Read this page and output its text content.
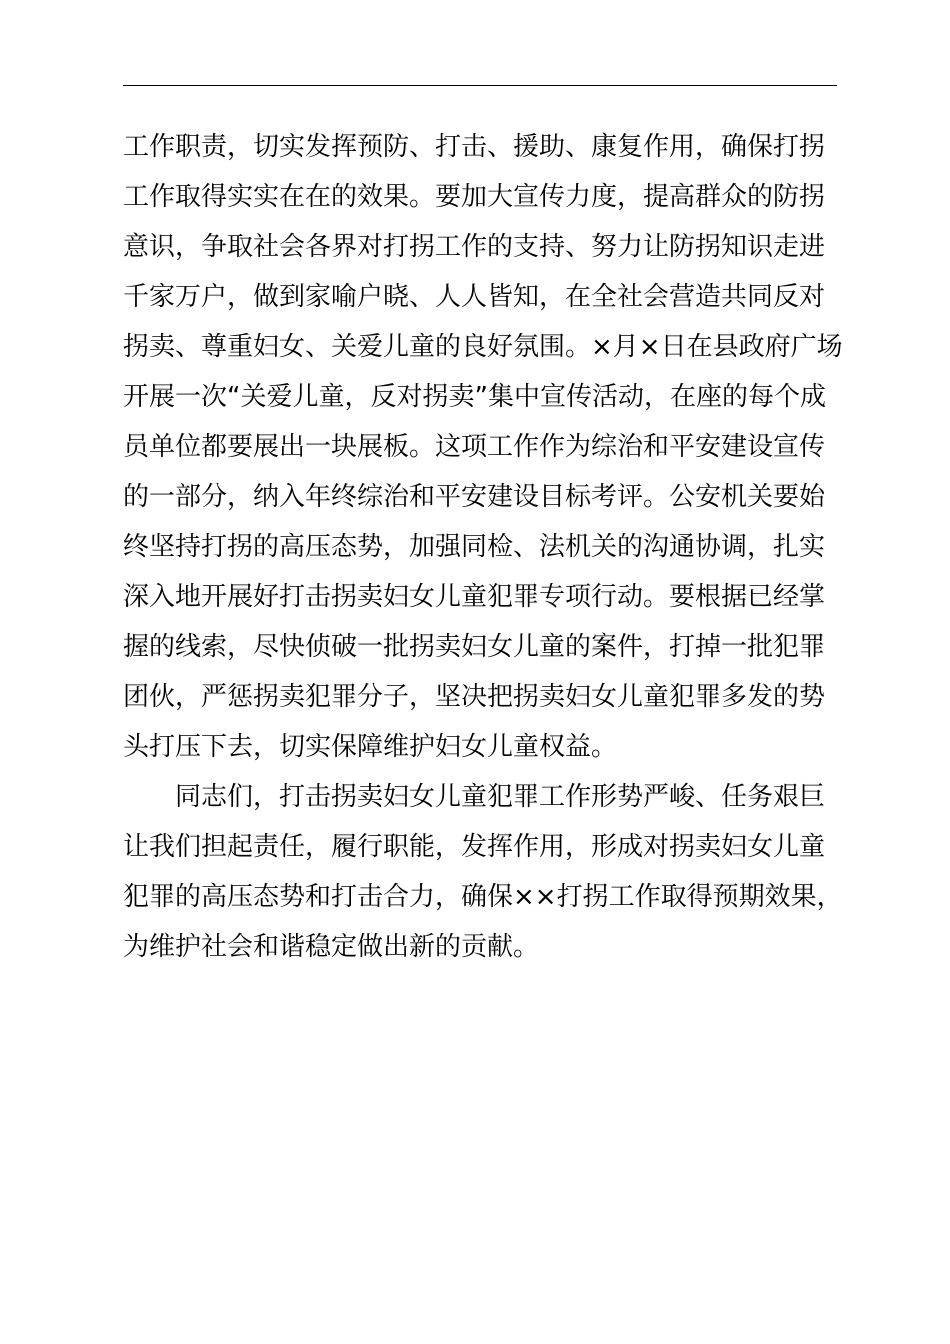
工作职责，切实发挥预防、打击、援助、康复作用，确保打拐
工作取得实实在在的效果。要加大宣传力度，提高群众的防拐
意识，争取社会各界对打拐工作的支持、努力让防拐知识走进
千家万户，做到家喻户晓、人人皆知，在全社会营造共同反对
拐卖、尊重妇女、关爱儿童的良好氛围。×月×日在县政府广场
开展一次“关爱儿童，反对拐卖”集中宣传活动，在座的每个成
员单位都要展出一块展板。这项工作作为综治和平安建设宣传
的一部分，纳入年终综治和平安建设目标考评。公安机关要始
终坚持打拐的高压态势，加强同检、法机关的沟通协调，扎实
深入地开展好打击拐卖妇女儿童犯罪专项行动。要根据已经掌
握的线索，尽快侦破一批拐卖妇女儿童的案件，打掉一批犯罪
团伙，严惩拐卖犯罪分子，坚决把拐卖妇女儿童犯罪多发的势
头打压下去，切实保障维护妇女儿童权益。
同志们，打击拐卖妇女儿童犯罪工作形势严峻、任务艰巨
让我们担起责任，履行职能，发挥作用，形成对拐卖妇女儿童
犯罪的高压态势和打击合力，确保××打拐工作取得预期效果，
为维护社会和谐稳定做出新的贡献。
